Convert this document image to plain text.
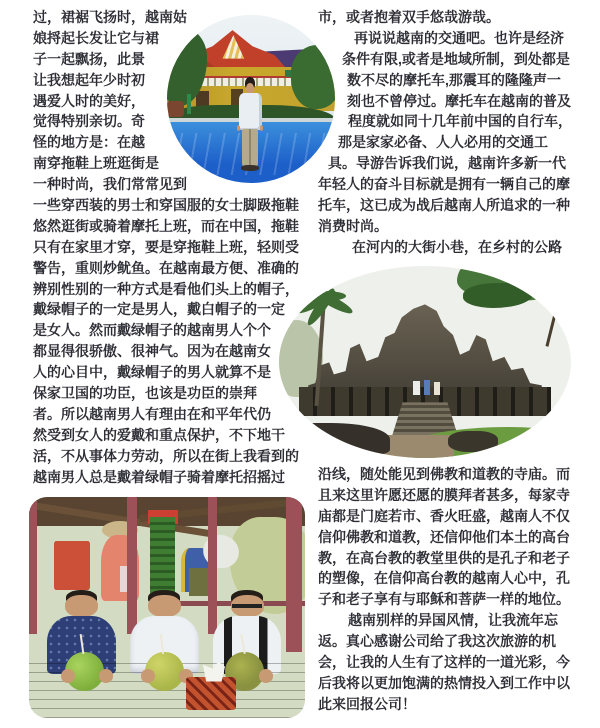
过，裙裾飞扬时，越南姑
娘捋起长发让它与裙
子一起飘扬，此景
让我想起年少时初
遇爱人时的美好，
觉得特别亲切。奇
怪的地方是：在越
南穿拖鞋上班逛街是
一种时尚，我们常常见到
一些穿西装的男士和穿国服的女士脚趿拖鞋
悠然逛街或骑着摩托上班，而在中国，拖鞋
只有在家里才穿，要是穿拖鞋上班，轻则受
警告，重则炒鱿鱼。在越南最方便、准确的
辨别性别的一种方式是看他们头上的帽子，
戴绿帽子的一定是男人，戴白帽子的一定
是女人。然而戴绿帽子的越南男人个个
都显得很骄傲、很神气。因为在越南女
人的心目中，戴绿帽子的男人就算不是
保家卫国的功臣，也该是功臣的崇拜
者。所以越南男人有理由在和平年代仍
然受到女人的爱戴和重点保护，不下地干
活，不从事体力劳动，所以在街上我看到的
越南男人总是戴着绿帽子骑着摩托招摇过
市，或者抱着双手悠哉游哉。
再说说越南的交通吧。也许是经济
条件有限,或者是地域所制，到处都是
数不尽的摩托车,那震耳的隆隆声一
刻也不曾停过。摩托车在越南的普及
程度就如同十几年前中国的自行车，
那是家家必备、人人必用的交通工
具。导游告诉我们说，越南许多新一代
年轻人的奋斗目标就是拥有一辆自己的摩
托车，这已成为战后越南人所追求的一种
消费时尚。
在河内的大街小巷，在乡村的公路
沿线，随处能见到佛教和道教的寺庙。而
且来这里许愿还愿的膜拜者甚多，每家寺
庙都是门庭若市、香火旺盛，越南人不仅
信仰佛教和道教，还信仰他们本土的高台
教，在高台教的教堂里供的是孔子和老子
的塑像，在信仰高台教的越南人心中，孔
子和老子享有与耶稣和菩萨一样的地位。
越南别样的异国风情，让我流年忘
返。真心感谢公司给了我这次旅游的机
会，让我的人生有了这样的一道光彩，今
后我将以更加饱满的热情投入到工作中以
此来回报公司！
